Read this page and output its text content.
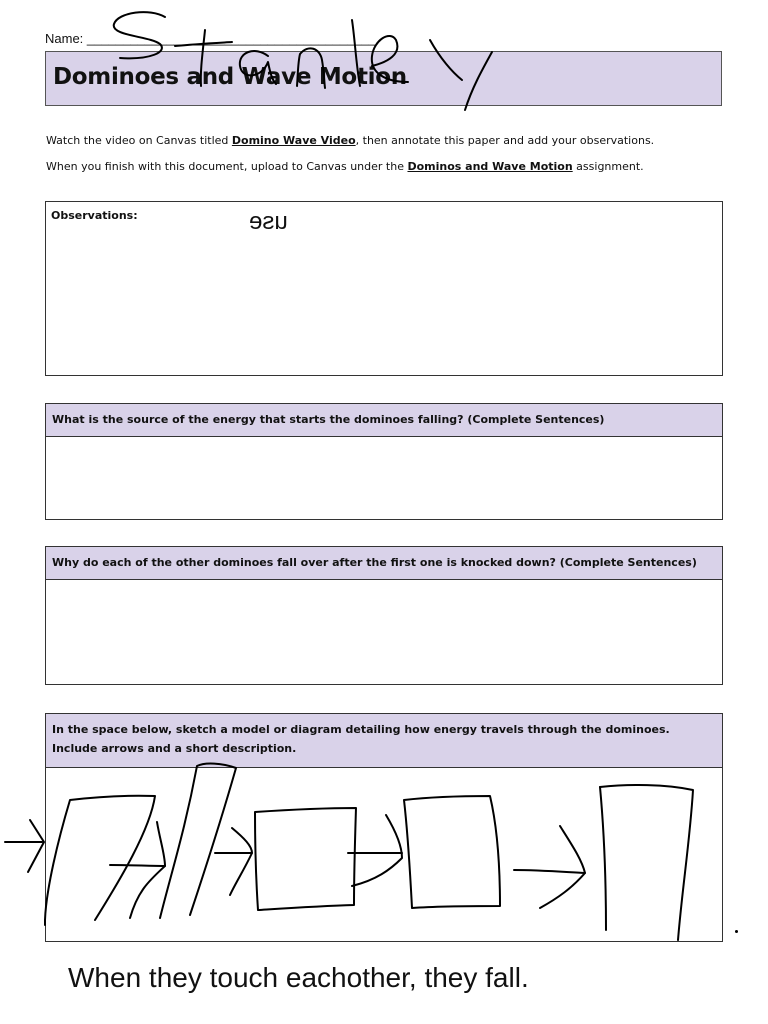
Name: ________________________________________
Dominoes and Wave Motion
Watch the video on Canvas titled Domino Wave Video, then annotate this paper and add your observations.
When you finish with this document, upload to Canvas under the Dominos and Wave Motion assignment.
Observations:	use
What is the source of the energy that starts the dominoes falling? (Complete Sentences)
Why do each of the other dominoes fall over after the first one is knocked down? (Complete Sentences)
In the space below, sketch a model or diagram detailing how energy travels through the dominoes. Include arrows and a short description.
When they touch eachother, they fall.
